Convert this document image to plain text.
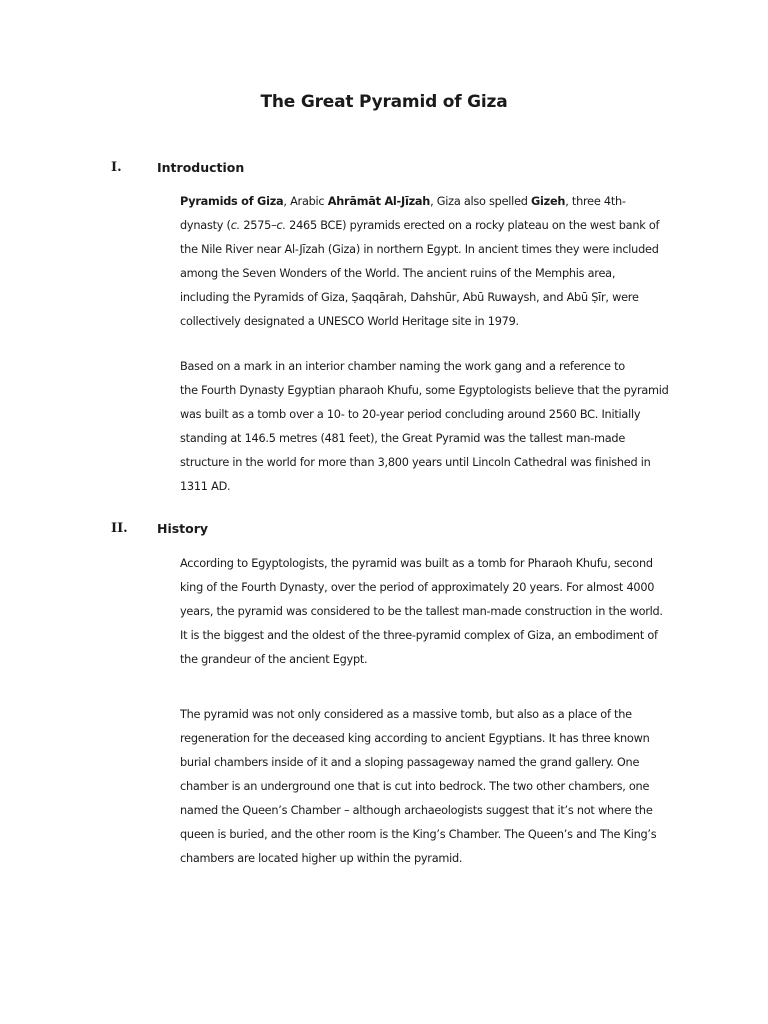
The Great Pyramid of Giza
I.	Introduction
Pyramids of Giza, Arabic Ahrāmāt Al-Jīzah, Giza also spelled Gizeh, three 4th-
dynasty (c. 2575–c. 2465 BCE) pyramids erected on a rocky plateau on the west bank of
the Nile River near Al-Jīzah (Giza) in northern Egypt. In ancient times they were included
among the Seven Wonders of the World. The ancient ruins of the Memphis area,
including the Pyramids of Giza, Ṣaqqārah, Dahshūr, Abū Ruwaysh, and Abū Ṣīr, were
collectively designated a UNESCO World Heritage site in 1979.
Based on a mark in an interior chamber naming the work gang and a reference to
the Fourth Dynasty Egyptian pharaoh Khufu, some Egyptologists believe that the pyramid
was built as a tomb over a 10- to 20-year period concluding around 2560 BC. Initially
standing at 146.5 metres (481 feet), the Great Pyramid was the tallest man-made
structure in the world for more than 3,800 years until Lincoln Cathedral was finished in
1311 AD.
II. History
According to Egyptologists, the pyramid was built as a tomb for Pharaoh Khufu, second
king of the Fourth Dynasty, over the period of approximately 20 years. For almost 4000
years, the pyramid was considered to be the tallest man-made construction in the world.
It is the biggest and the oldest of the three-pyramid complex of Giza, an embodiment of
the grandeur of the ancient Egypt.
The pyramid was not only considered as a massive tomb, but also as a place of the
regeneration for the deceased king according to ancient Egyptians. It has three known
burial chambers inside of it and a sloping passageway named the grand gallery. One
chamber is an underground one that is cut into bedrock. The two other chambers, one
named the Queen’s Chamber – although archaeologists suggest that it’s not where the
queen is buried, and the other room is the King’s Chamber. The Queen’s and The King’s
chambers are located higher up within the pyramid.
